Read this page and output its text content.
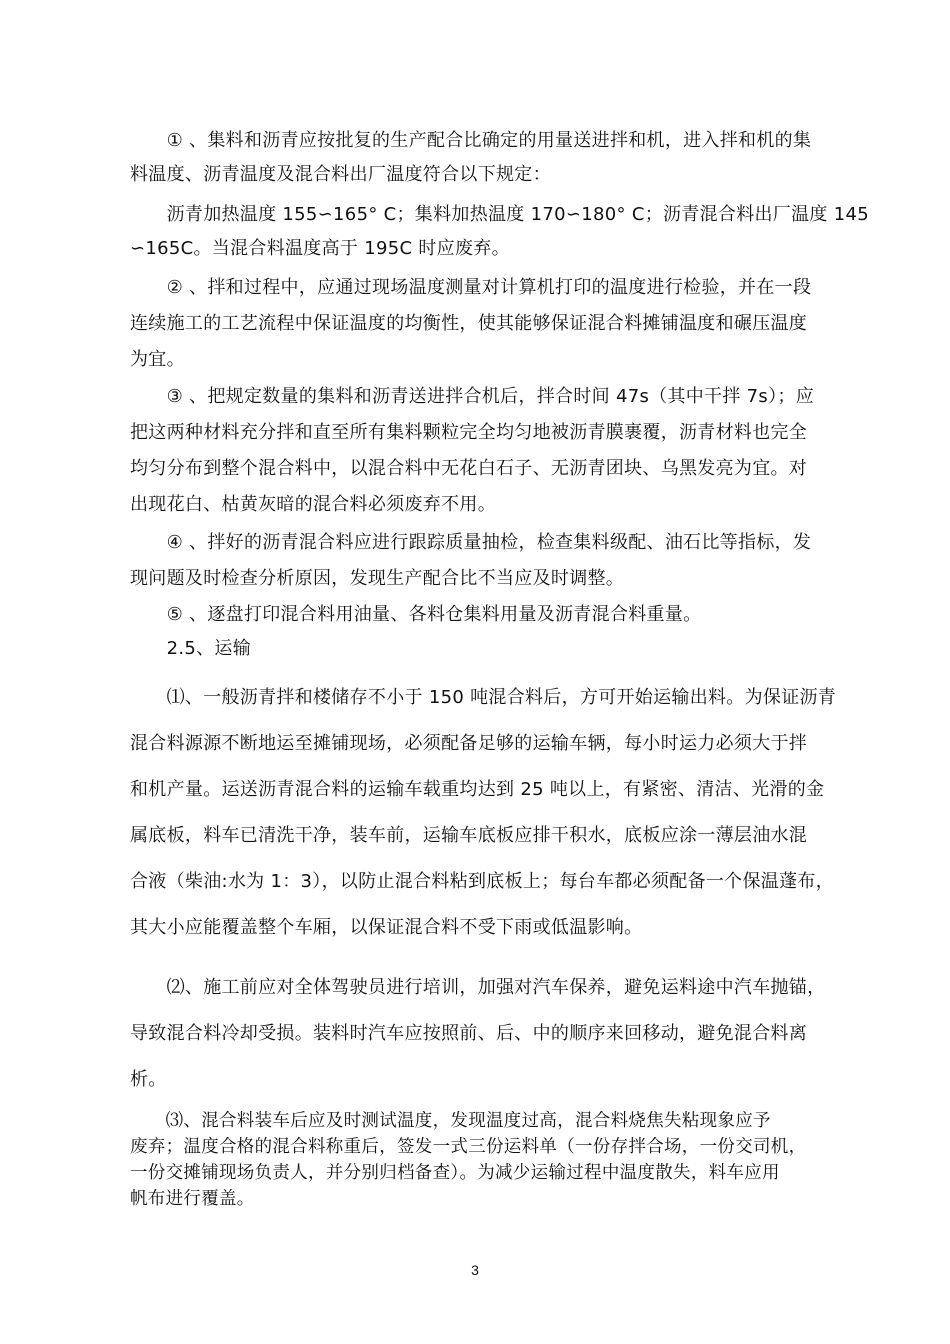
　　① 、集料和沥青应按批复的生产配合比确定的用量送进拌和机，进入拌和机的集
料温度、沥青温度及混合料出厂温度符合以下规定：

　　沥青加热温度 155∽165° C；集料加热温度 170∽180° C；沥青混合料出厂温度 145
∽165C。当混合料温度高于 195C 时应废弃。

　　② 、拌和过程中，应通过现场温度测量对计算机打印的温度进行检验，并在一段
连续施工的工艺流程中保证温度的均衡性，使其能够保证混合料摊铺温度和碾压温度
为宜。

　　③ 、把规定数量的集料和沥青送进拌合机后，拌合时间 47s（其中干拌 7s）；应
把这两种材料充分拌和直至所有集料颗粒完全均匀地被沥青膜裹覆，沥青材料也完全
均匀分布到整个混合料中，以混合料中无花白石子、无沥青团块、乌黑发亮为宜。对
出现花白、枯黄灰暗的混合料必须废弃不用。

　　④ 、拌好的沥青混合料应进行跟踪质量抽检，检查集料级配、油石比等指标，发
现问题及时检查分析原因，发现生产配合比不当应及时调整。

　　⑤ 、逐盘打印混合料用油量、各料仓集料用量及沥青混合料重量。

　　2.5、运输

　　⑴、一般沥青拌和楼储存不小于 150 吨混合料后，方可开始运输出料。为保证沥青
混合料源源不断地运至摊铺现场，必须配备足够的运输车辆，每小时运力必须大于拌
和机产量。运送沥青混合料的运输车载重均达到 25 吨以上，有紧密、清洁、光滑的金
属底板，料车已清洗干净，装车前，运输车底板应排干积水，底板应涂一薄层油水混
合液（柴油:水为 1：3），以防止混合料粘到底板上；每台车都必须配备一个保温蓬布，
其大小应能覆盖整个车厢，以保证混合料不受下雨或低温影响。

　　⑵、施工前应对全体驾驶员进行培训，加强对汽车保养，避免运料途中汽车抛锚，
导致混合料冷却受损。装料时汽车应按照前、后、中的顺序来回移动，避免混合料离
析。

　　⑶、混合料装车后应及时测试温度，发现温度过高，混合料烧焦失粘现象应予
废弃；温度合格的混合料称重后，签发一式三份运料单（一份存拌合场，一份交司机，
一份交摊铺现场负责人，并分别归档备查）。为减少运输过程中温度散失，料车应用
帆布进行覆盖。

3
